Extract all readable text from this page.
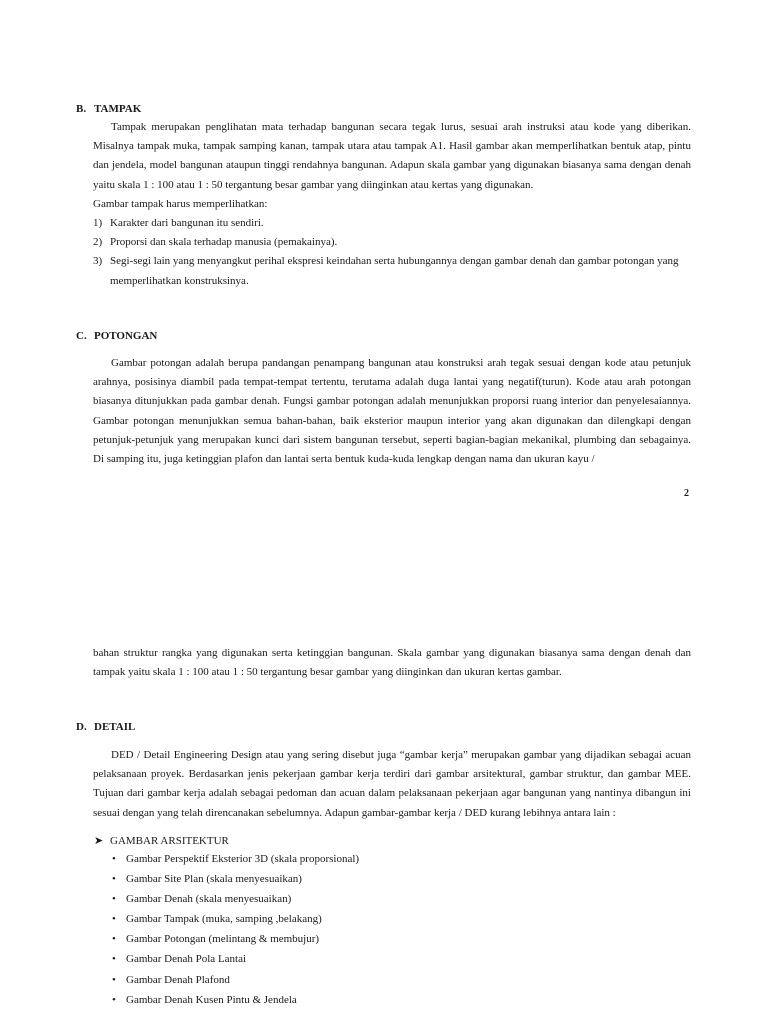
B. TAMPAK

Tampak merupakan penglihatan mata terhadap bangunan secara tegak lurus, sesuai arah instruksi atau kode yang diberikan. Misalnya tampak muka, tampak samping kanan, tampak utara atau tampak A1. Hasil gambar akan memperlihatkan bentuk atap, pintu dan jendela, model bangunan ataupun tinggi rendahnya bangunan. Adapun skala gambar yang digunakan biasanya sama dengan denah yaitu skala 1 : 100 atau 1 : 50 tergantung besar gambar yang diinginkan atau kertas yang digunakan.

Gambar tampak harus memperlihatkan:

1) Karakter dari bangunan itu sendiri.
2) Proporsi dan skala terhadap manusia (pemakainya).
3) Segi-segi lain yang menyangkut perihal ekspresi keindahan serta hubungannya dengan gambar denah dan gambar potongan yang memperlihatkan konstruksinya.
C. POTONGAN

Gambar potongan adalah berupa pandangan penampang bangunan atau konstruksi arah tegak sesuai dengan kode atau petunjuk arahnya, posisinya diambil pada tempat-tempat tertentu, terutama adalah duga lantai yang negatif(turun). Kode atau arah potongan biasanya ditunjukkan pada gambar denah. Fungsi gambar potongan adalah menunjukkan proporsi ruang interior dan penyelesaiannya. Gambar potongan menunjukkan semua bahan-bahan, baik eksterior maupun interior yang akan digunakan dan dilengkapi dengan petunjuk-petunjuk yang merupakan kunci dari sistem bangunan tersebut, seperti bagian-bagian mekanikal, plumbing dan sebagainya. Di samping itu, juga ketinggian plafon dan lantai serta bentuk kuda-kuda lengkap dengan nama dan ukuran kayu /

2

bahan struktur rangka yang digunakan serta ketinggian bangunan. Skala gambar yang digunakan biasanya sama dengan denah dan tampak yaitu skala 1 : 100 atau 1 : 50 tergantung besar gambar yang diinginkan dan ukuran kertas gambar.

D. DETAIL

DED / Detail Engineering Design atau yang sering disebut juga “gambar kerja” merupakan gambar yang dijadikan sebagai acuan pelaksanaan proyek. Berdasarkan jenis pekerjaan gambar kerja terdiri dari gambar arsitektural, gambar struktur, dan gambar MEE. Tujuan dari gambar kerja adalah sebagai pedoman dan acuan dalam pelaksanaan pekerjaan agar bangunan yang nantinya dibangun ini sesuai dengan yang telah direncanakan sebelumnya. Adapun gambar-gambar kerja / DED kurang lebihnya antara lain :

➤ GAMBAR ARSITEKTUR
• Gambar Perspektif Eksterior 3D (skala proporsional)
• Gambar Site Plan (skala menyesuaikan)
• Gambar Denah (skala menyesuaikan)
• Gambar Tampak (muka, samping ,belakang)
• Gambar Potongan (melintang & membujur)
• Gambar Denah Pola Lantai
• Gambar Denah Plafond
• Gambar Denah Kusen Pintu & Jendela
